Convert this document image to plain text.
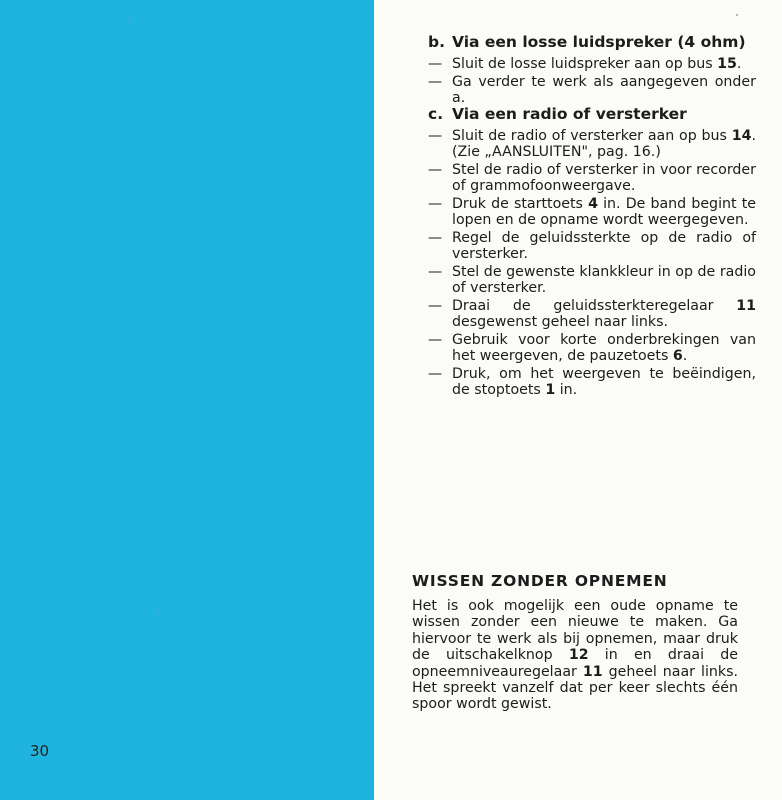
30
b. Via een losse luidspreker (4 ohm)
— Sluit de losse luidspreker aan op bus 15.
— Ga verder te werk als aangegeven onder a.
c. Via een radio of versterker
— Sluit de radio of versterker aan op bus 14. (Zie „AANSLUITEN", pag. 16.)
— Stel de radio of versterker in voor recorder of grammofoonweergave.
— Druk de starttoets 4 in. De band begint te lopen en de opname wordt weergegeven.
— Regel de geluidssterkte op de radio of versterker.
— Stel de gewenste klankkleur in op de radio of versterker.
— Draai de geluidssterkteregelaar 11 desgewenst geheel naar links.
— Gebruik voor korte onderbrekingen van het weergeven, de pauzetoets 6.
— Druk, om het weergeven te beëindigen, de stoptoets 1 in.
WISSEN ZONDER OPNEMEN

Het is ook mogelijk een oude opname te wissen zonder een nieuwe te maken. Ga hiervoor te werk als bij opnemen, maar druk de uitschakelknop 12 in en draai de opneemniveauregelaar 11 geheel naar links. Het spreekt vanzelf dat per keer slechts één spoor wordt gewist.
